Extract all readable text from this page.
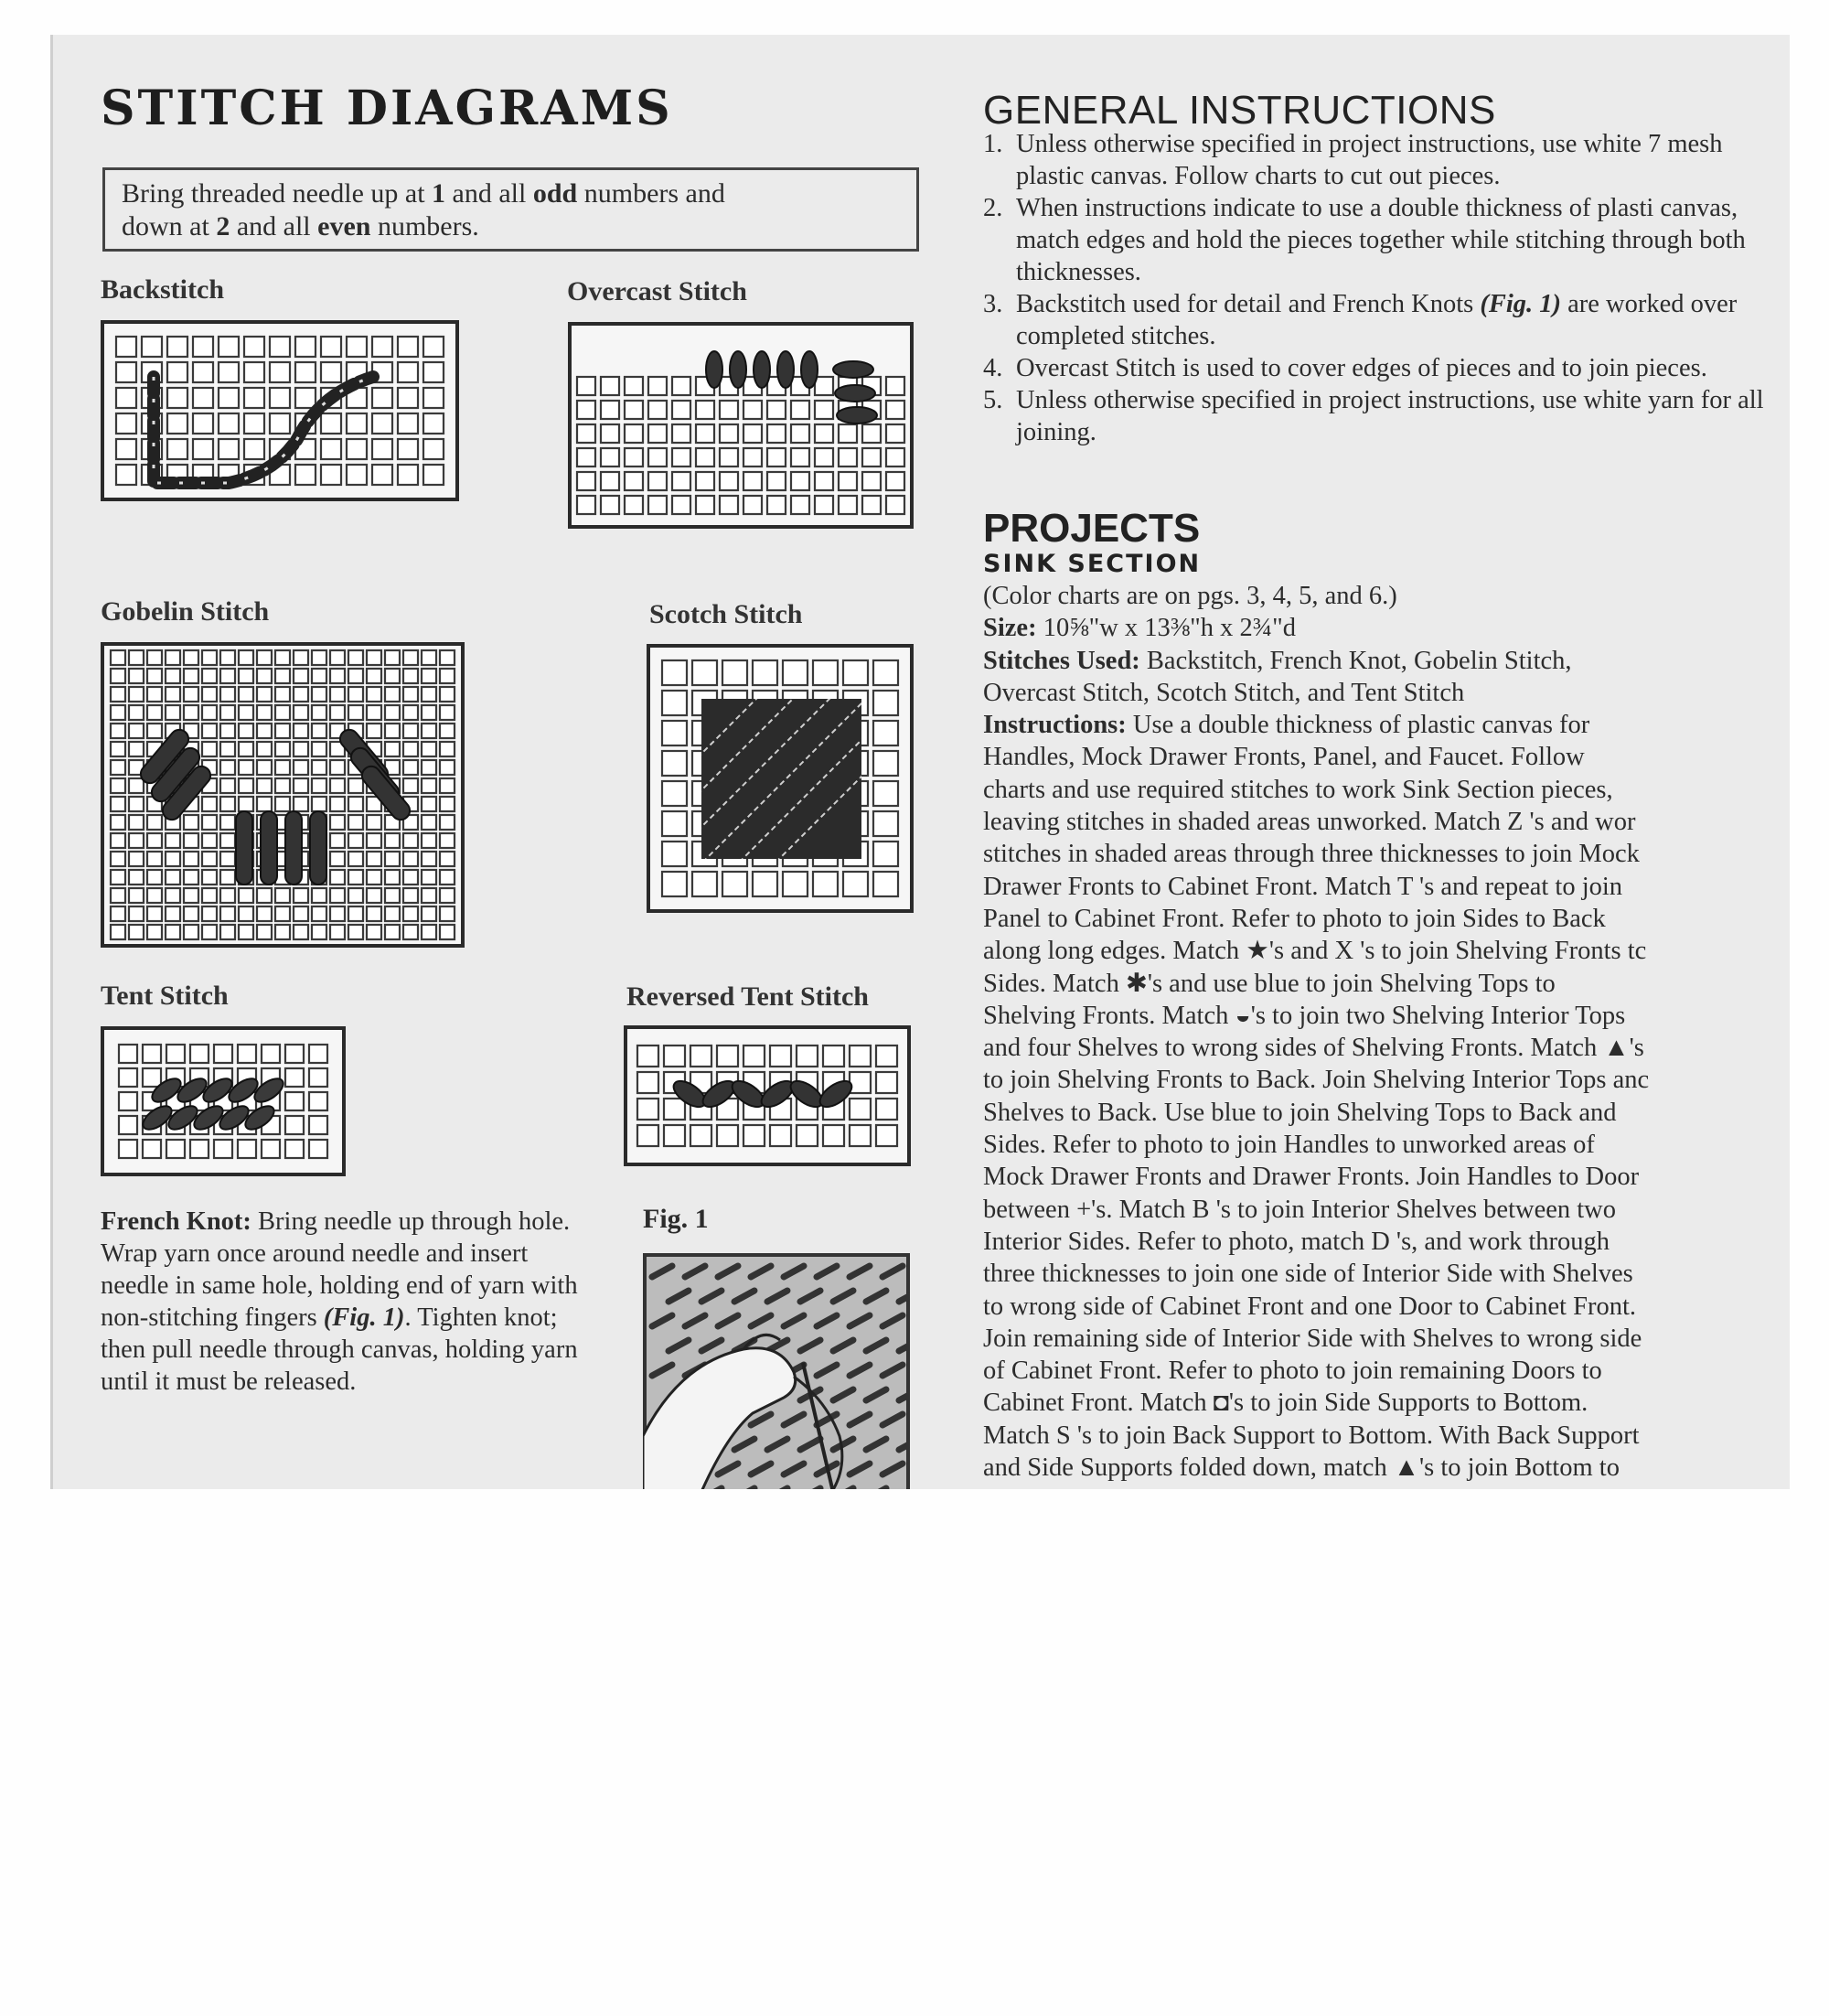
STITCH DIAGRAMS
Bring threaded needle up at 1 and all odd numbers and
down at 2 and all even numbers.
Backstitch	Overcast Stitch
Gobelin Stitch	Scotch Stitch
Tent Stitch	Reversed Tent Stitch
French Knot: Bring needle up through hole. Wrap yarn once around needle and insert needle in same hole, holding end of yarn with non-stitching fingers (Fig. 1). Tighten knot; then pull needle through canvas, holding yarn until it must be released.
Fig. 1
GENERAL INSTRUCTIONS
1. Unless otherwise specified in project instructions, use white 7 mesh plastic canvas. Follow charts to cut out pieces.
2. When instructions indicate to use a double thickness of plasti canvas, match edges and hold the pieces together while stitching through both thicknesses.
3. Backstitch used for detail and French Knots (Fig. 1) are worked over completed stitches.
4. Overcast Stitch is used to cover edges of pieces and to join pieces.
5. Unless otherwise specified in project instructions, use white yarn for all joining.
PROJECTS
SINK SECTION
(Color charts are on pgs. 3, 4, 5, and 6.)
Size: 10⅝"w x 13⅜"h x 2¾"d
Stitches Used: Backstitch, French Knot, Gobelin Stitch,
Overcast Stitch, Scotch Stitch, and Tent Stitch
Instructions: Use a double thickness of plastic canvas for
Handles, Mock Drawer Fronts, Panel, and Faucet. Follow
charts and use required stitches to work Sink Section pieces,
leaving stitches in shaded areas unworked. Match Z 's and wor
stitches in shaded areas through three thicknesses to join Mock
Drawer Fronts to Cabinet Front. Match T 's and repeat to join
Panel to Cabinet Front. Refer to photo to join Sides to Back
along long edges. Match ★'s and X 's to join Shelving Fronts tc
Sides. Match ✱'s and use blue to join Shelving Tops to
Shelving Fronts. Match ◒'s to join two Shelving Interior Tops
and four Shelves to wrong sides of Shelving Fronts. Match ▲'s
to join Shelving Fronts to Back. Join Shelving Interior Tops anc
Shelves to Back. Use blue to join Shelving Tops to Back and
Sides. Refer to photo to join Handles to unworked areas of
Mock Drawer Fronts and Drawer Fronts. Join Handles to Door
between +'s. Match B 's to join Interior Shelves between two
Interior Sides. Refer to photo, match D 's, and work through
three thicknesses to join one side of Interior Side with Shelves
to wrong side of Cabinet Front and one Door to Cabinet Front.
Join remaining side of Interior Side with Shelves to wrong side
of Cabinet Front. Refer to photo to join remaining Doors to
Cabinet Front. Match ◘'s to join Side Supports to Bottom.
Match S 's to join Back Support to Bottom. With Back Support
and Side Supports folded down, match ▲'s to join Bottom to
